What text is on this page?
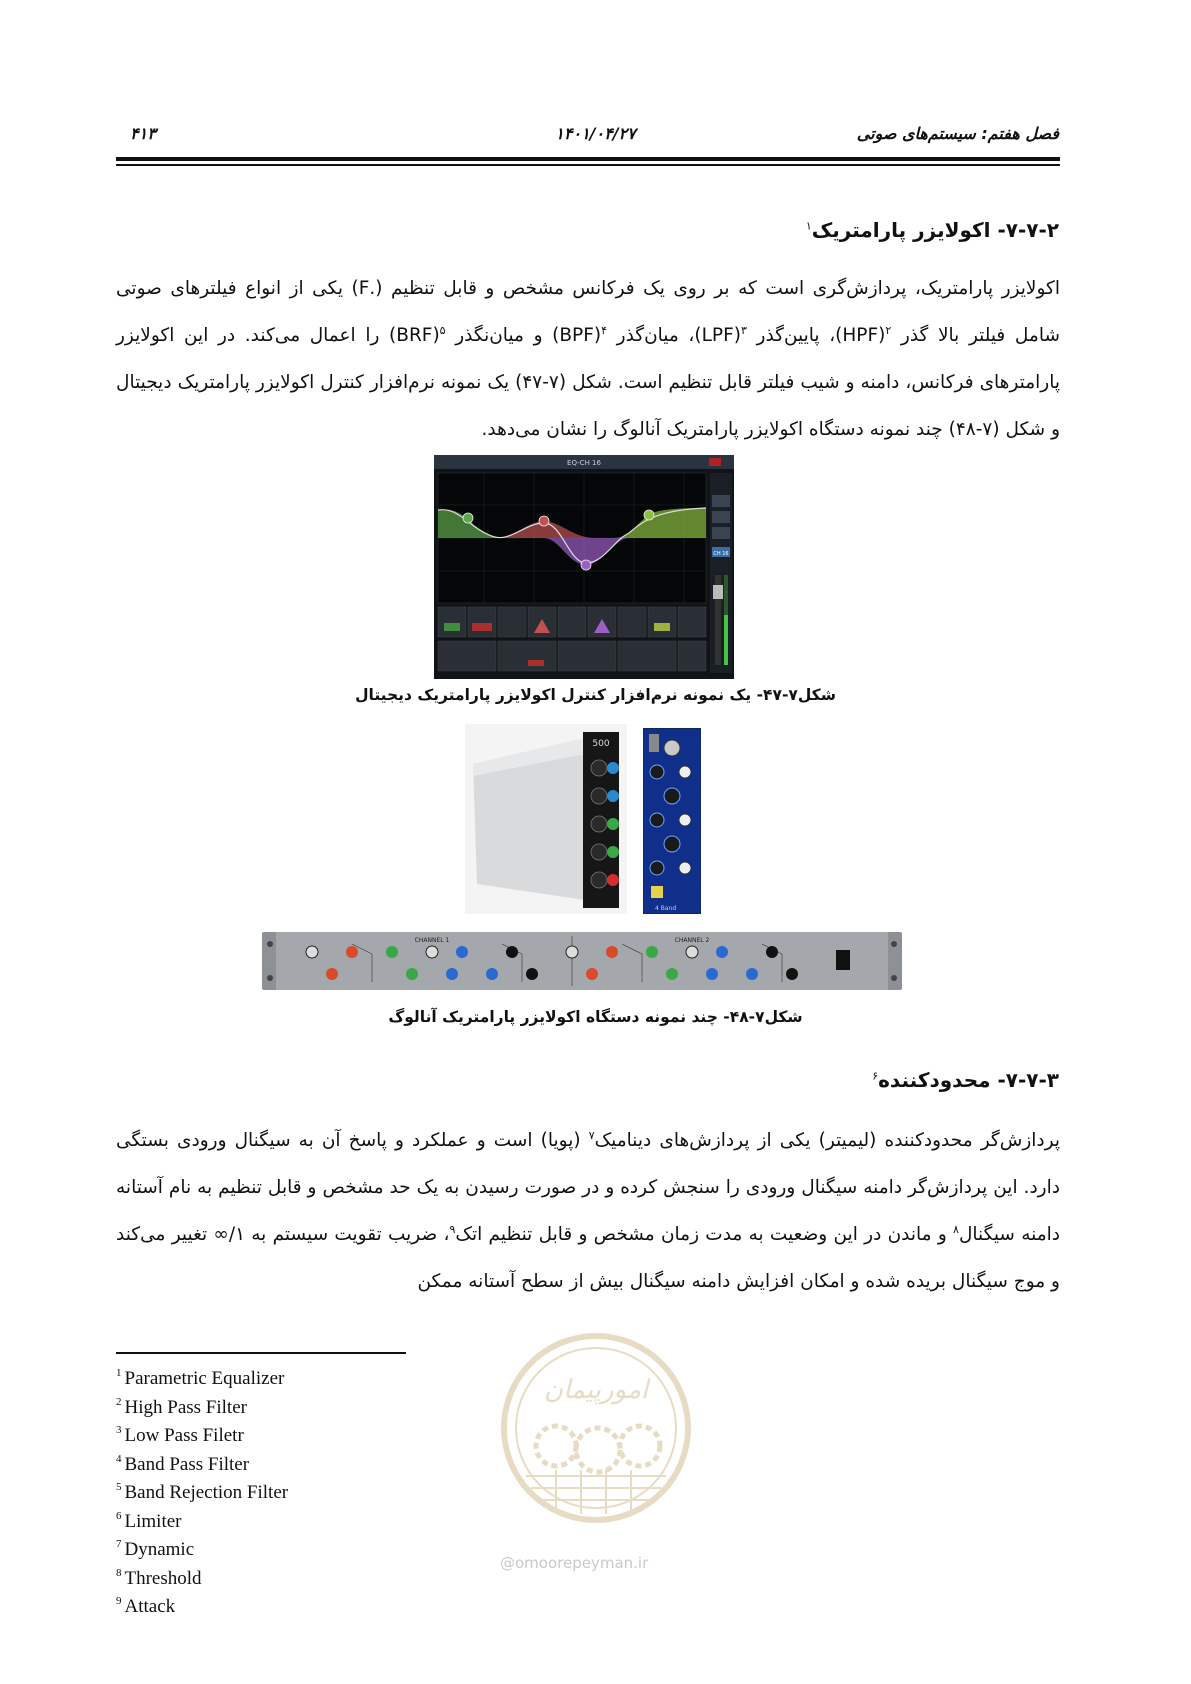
فصل هفتم: سیستم‌های صوتی
۱۴۰۱/۰۴/۲۷
۴۱۳
۷-۷-۲- اکولایزر پارامتریک$^۱$
اکولایزر پارامتریک، پردازش‌گری است که بر روی یک فرکانس مشخص و قابل تنظیم (.F) یکی از انواع فیلترهای صوتی شامل فیلتر بالا گذر $^۲$(HPF)، پایین‌گذر $^۳$(LPF)، میان‌گذر $^۴$(BPF) و میان‌نگذر $^۵$(BRF) را اعمال می‌کند. در این اکولایزر پارامترهای فرکانس، دامنه و شیب فیلتر قابل تنظیم است. شکل (۷-۴۷) یک نمونه نرم‌افزار کنترل اکولایزر پارامتریک دیجیتال و شکل (۷-۴۸) چند نمونه دستگاه اکولایزر پارامتریک آنالوگ را نشان می‌دهد.
EQ-CH 16
CH 16
شکل۷-۴۷- یک نمونه نرم‌افزار کنترل اکولایزر پارامتریک دیجیتال
500
4 Band
CHANNEL 1	CHANNEL 2
شکل۷-۴۸- چند نمونه دستگاه اکولایزر پارامتریک آنالوگ
۷-۷-۳- محدودکننده$^۶$
پردازش‌گر محدودکننده (لیمیتر) یکی از پردازش‌های دینامیک$^۷$ (پویا) است و عملکرد و پاسخ آن به سیگنال ورودی بستگی دارد. این پردازش‌گر دامنه سیگنال ورودی را سنجش کرده و در صورت رسیدن به یک حد مشخص و قابل تنظیم به نام آستانه دامنه سیگنال$^۸$ و ماندن در این وضعیت به مدت زمان مشخص و قابل تنظیم اتک$^۹$، ضریب تقویت سیستم به ۱/∞ تغییر می‌کند و موج سیگنال بریده شده و امکان افزایش دامنه سیگنال بیش از سطح آستانه ممکن
امورپیمان
@omoorepeyman.ir
$^1$ Parametric Equalizer
$^2$ High Pass Filter
$^3$ Low Pass Filetr
$^4$ Band Pass Filter
$^5$ Band Rejection Filter
$^6$ Limiter
$^7$ Dynamic
$^8$ Threshold
$^9$ Attack
